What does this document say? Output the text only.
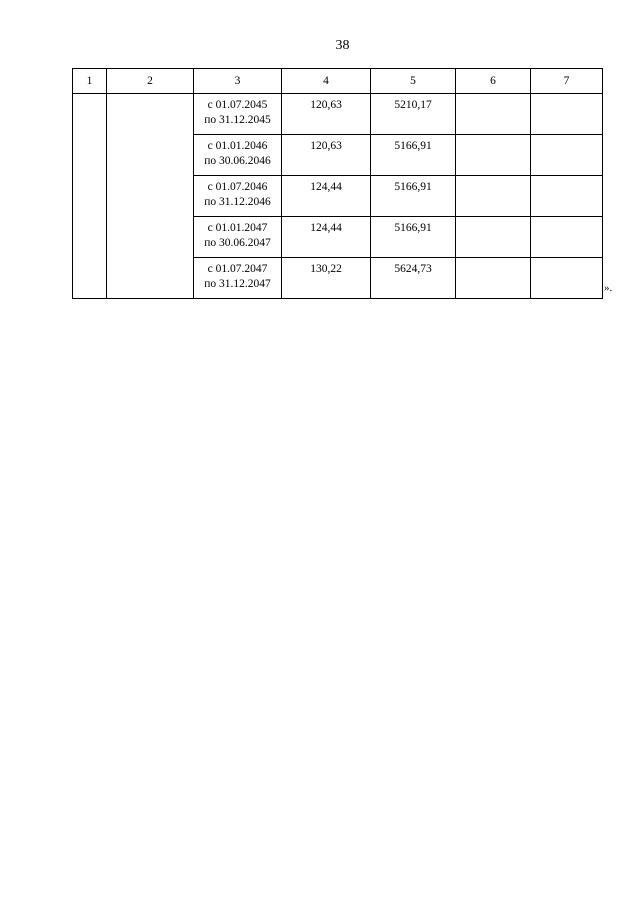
38
1	2	3	4	5	6	7

		с 01.07.2045
по 31.12.2045	120,63	5210,17		

		с 01.01.2046
по 30.06.2046	120,63	5166,91		

		с 01.07.2046
по 31.12.2046	124,44	5166,91		

		с 01.01.2047
по 30.06.2047	124,44	5166,91		

		с 01.07.2047
по 31.12.2047	130,22	5624,73		
».
